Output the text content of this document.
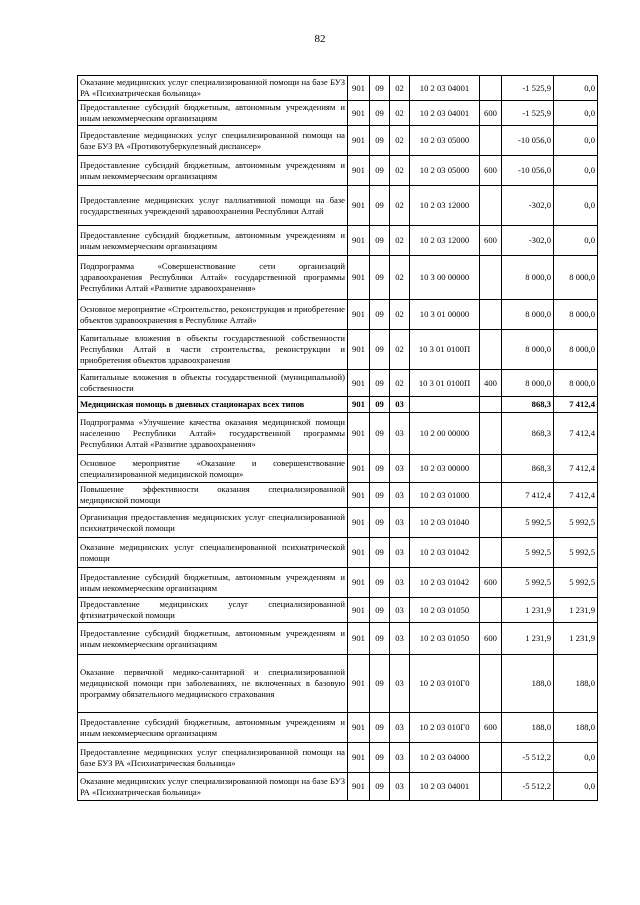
82
Оказание медицинских услуг специализированной помощи на базе БУЗ РА «Психиатрическая больница»	901	09	02	10 2 03 04001		-1 525,9	0,0
Предоставление субсидий бюджетным, автономным учреждениям и иным некоммерческим организациям	901	09	02	10 2 03 04001	600	-1 525,9	0,0
Предоставление медицинских услуг специализированной помощи на базе БУЗ РА «Противотуберкулезный диспансер»	901	09	02	10 2 03 05000		-10 056,0	0,0
Предоставление субсидий бюджетным, автономным учреждениям и иным некоммерческим организациям	901	09	02	10 2 03 05000	600	-10 056,0	0,0
Предоставление медицинских услуг паллиативной помощи на базе государственных учреждений здравоохранения Республики Алтай	901	09	02	10 2 03 12000		-302,0	0,0
Предоставление субсидий бюджетным, автономным учреждениям и иным некоммерческим организациям	901	09	02	10 2 03 12000	600	-302,0	0,0
Подпрограмма «Совершенствование сети организаций здравоохранения Республики Алтай» государственной программы Республики Алтай «Развитие здравоохранения»	901	09	02	10 3 00 00000		8 000,0	8 000,0
Основное мероприятие «Строительство, реконструкция и приобретение объектов здравоохранения в Республике Алтай»	901	09	02	10 3 01 00000		8 000,0	8 000,0
Капитальные вложения в объекты государственной собственности Республики Алтай в части строительства, реконструкции и приобретения объектов здравоохранения	901	09	02	10 3 01 0100П		8 000,0	8 000,0
Капитальные вложения в объекты государственной (муниципальной) собственности	901	09	02	10 3 01 0100П	400	8 000,0	8 000,0
Медицинская помощь в дневных стационарах всех типов	901	09	03			868,3	7 412,4
Подпрограмма «Улучшение качества оказания медицинской помощи населению Республики Алтай» государственной программы Республики Алтай «Развитие здравоохранения»	901	09	03	10 2 00 00000		868,3	7 412,4
Основное мероприятие «Оказание и совершенствование специализированной медицинской помощи»	901	09	03	10 2 03 00000		868,3	7 412,4
Повышение эффективности оказания специализированной медицинской помощи	901	09	03	10 2 03 01000		7 412,4	7 412,4
Организация предоставления медицинских услуг специализированной психиатрической помощи	901	09	03	10 2 03 01040		5 992,5	5 992,5
Оказание медицинских услуг специализированной психиатрической помощи	901	09	03	10 2 03 01042		5 992,5	5 992,5
Предоставление субсидий бюджетным, автономным учреждениям и иным некоммерческим организациям	901	09	03	10 2 03 01042	600	5 992,5	5 992,5
Предоставление медицинских услуг специализированной фтизиатрической помощи	901	09	03	10 2 03 01050		1 231,9	1 231,9
Предоставление субсидий бюджетным, автономным учреждениям и иным некоммерческим организациям	901	09	03	10 2 03 01050	600	1 231,9	1 231,9
Оказание первичной медико-санитарной и специализированной медицинской помощи при заболеваниях, не включенных в базовую программу обязательного медицинского страхования	901	09	03	10 2 03 010Г0		188,0	188,0
Предоставление субсидий бюджетным, автономным учреждениям и иным некоммерческим организациям	901	09	03	10 2 03 010Г0	600	188,0	188,0
Предоставление медицинских услуг специализированной помощи на базе БУЗ РА «Психиатрическая больница»	901	09	03	10 2 03 04000		-5 512,2	0,0
Оказание медицинских услуг специализированной помощи на базе БУЗ РА «Психиатрическая больница»	901	09	03	10 2 03 04001		-5 512,2	0,0
